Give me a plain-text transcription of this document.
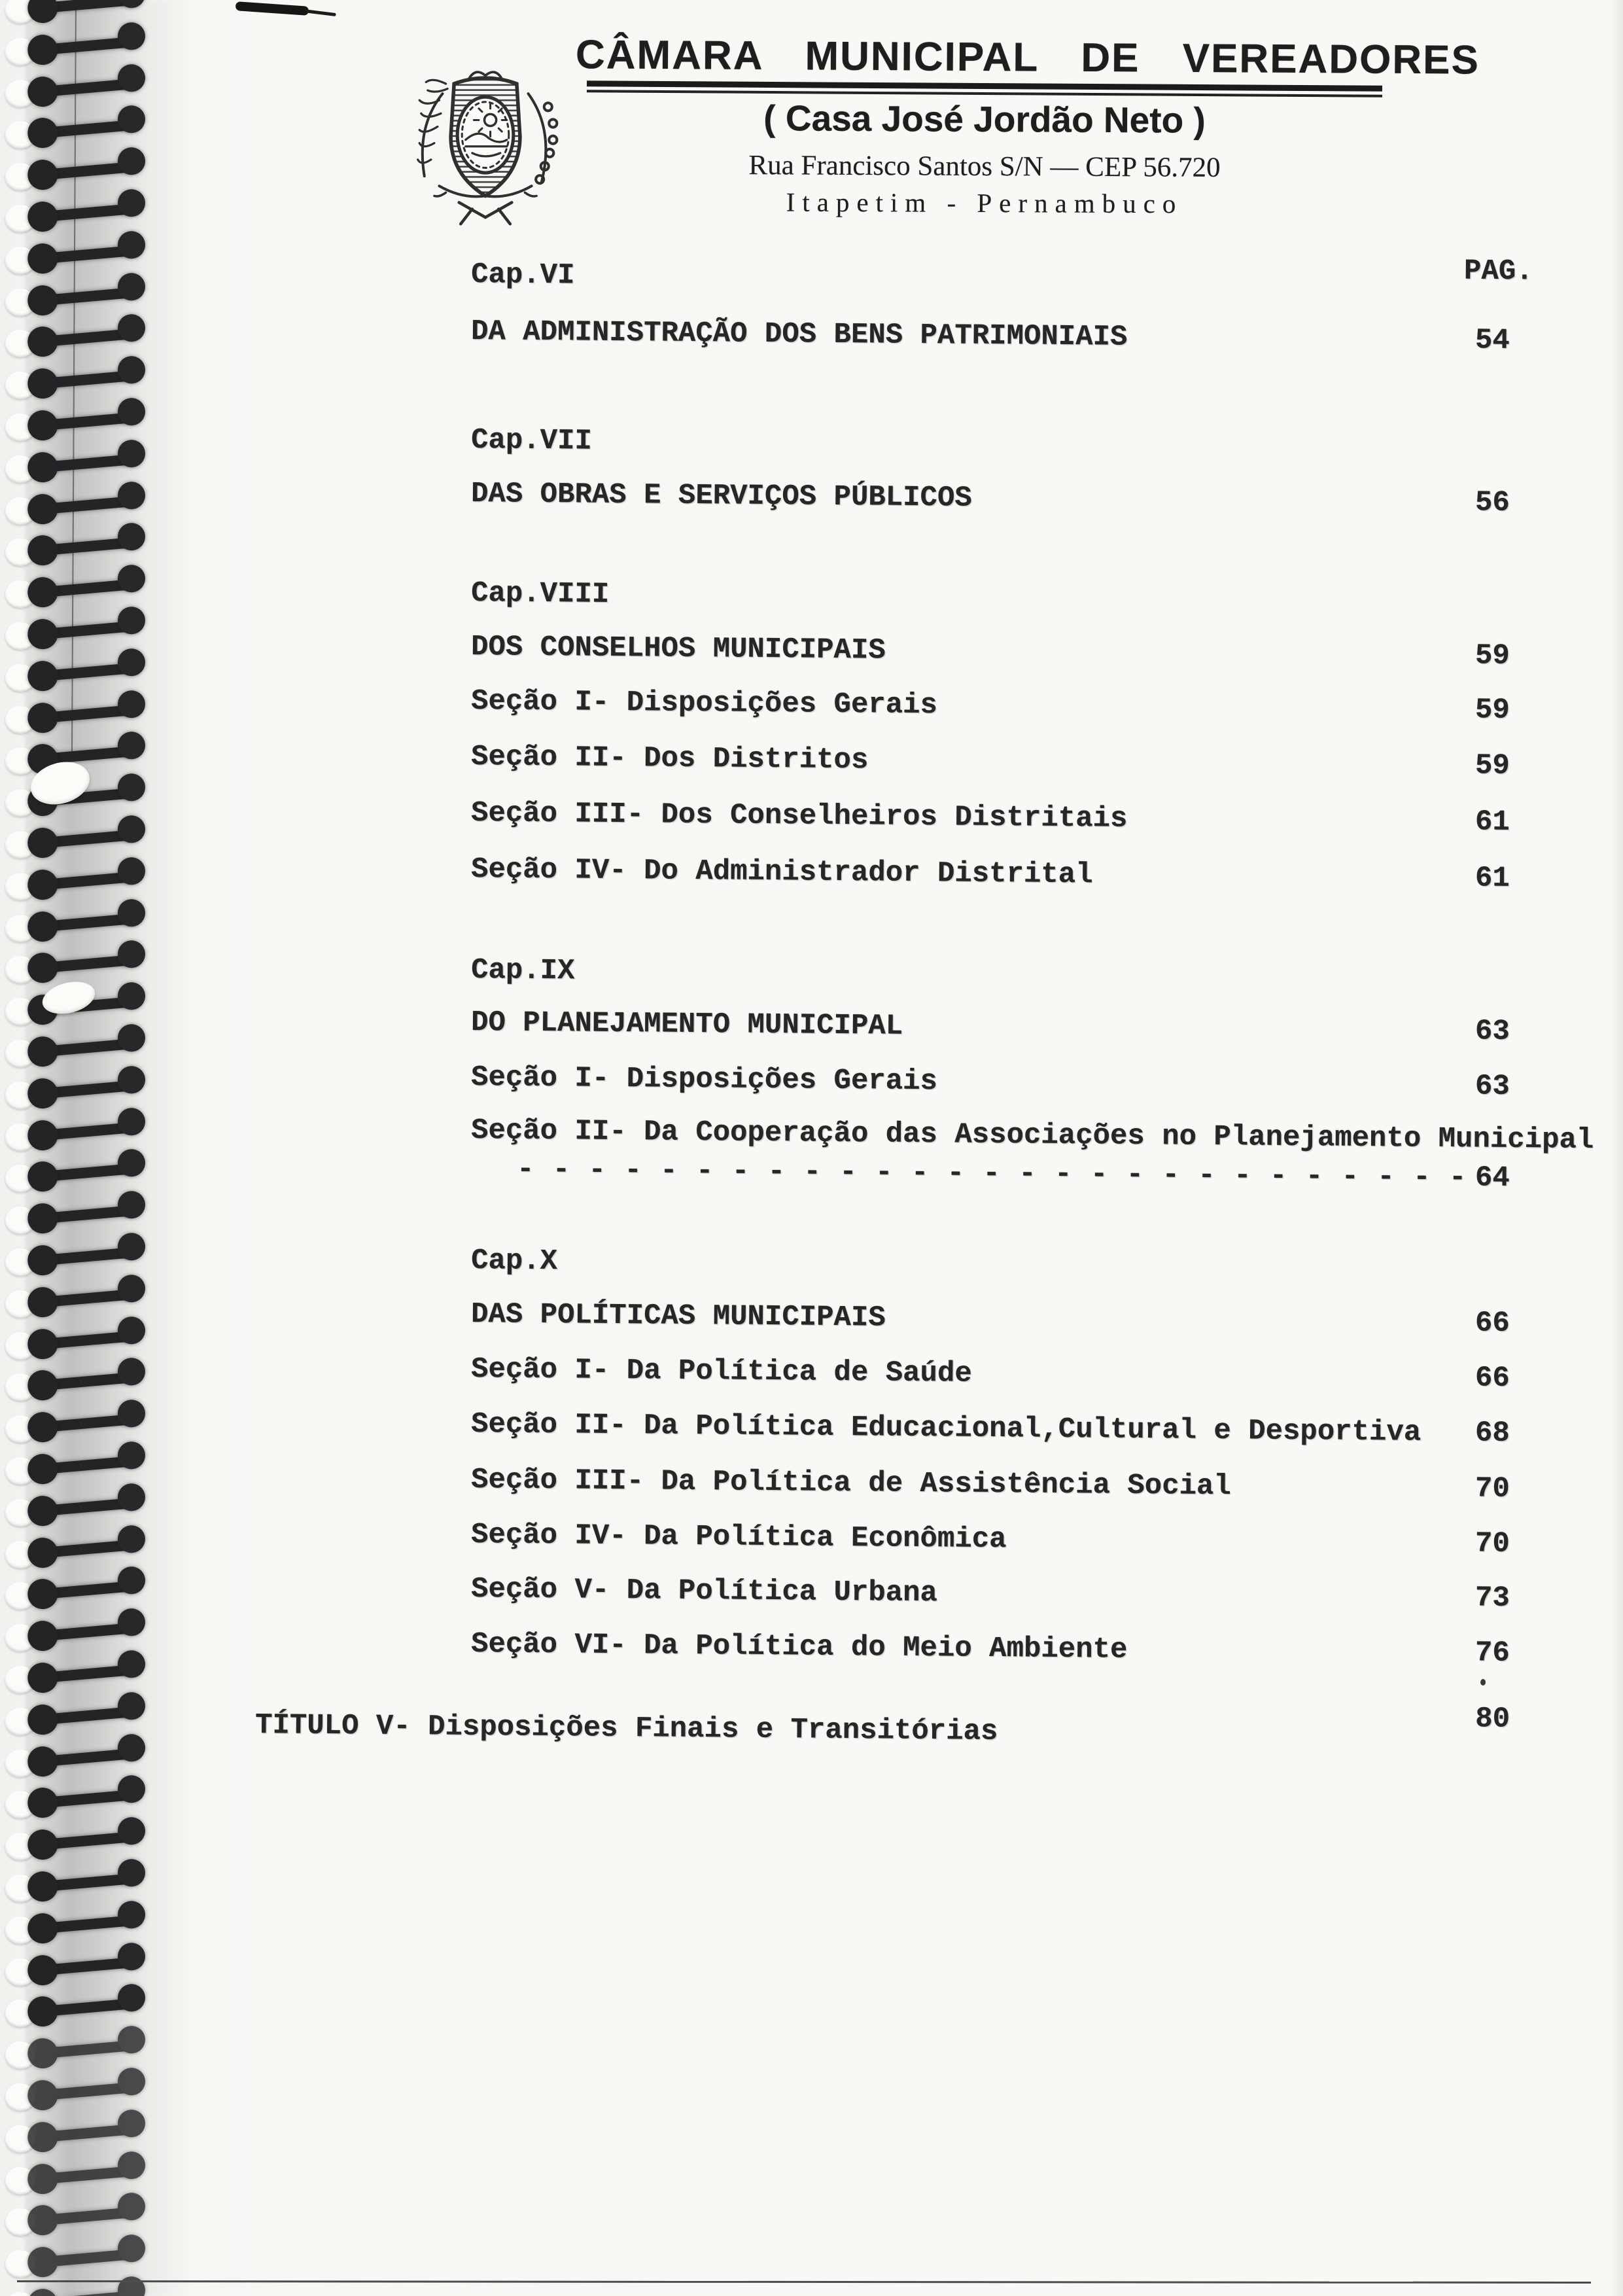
CÂMARA MUNICIPAL DE VEREADORES
( Casa José Jordão Neto )
Rua Francisco Santos S/N — CEP 56.720
Itapetim - Pernambuco
PAG.
Cap.VI
DA ADMINISTRAÇÃO DOS BENS PATRIMONIAIS	54
Cap.VII
DAS OBRAS E SERVIÇOS PÚBLICOS	56
Cap.VIII
DOS CONSELHOS MUNICIPAIS	59
Seção I- Disposições Gerais	59
Seção II- Dos Distritos	59
Seção III- Dos Conselheiros Distritais	61
Seção IV- Do Administrador Distrital	61
Cap.IX
DO PLANEJAMENTO MUNICIPAL	63
Seção I- Disposições Gerais	63
Seção II- Da Cooperação das Associações no Planejamento Municipal
- - - - - - - - - - - - - - - - - - - - - - - - - - - 64
Cap.X
DAS POLÍTICAS MUNICIPAIS	66
Seção I- Da Política de Saúde	66
Seção II- Da Política Educacional,Cultural e Desportiva 68
Seção III- Da Política de Assistência Social	70
Seção IV- Da Política Econômica	70
Seção V- Da Política Urbana	73
Seção VI- Da Política do Meio Ambiente	76
TÍTULO V- Disposições Finais e Transitórias	80
